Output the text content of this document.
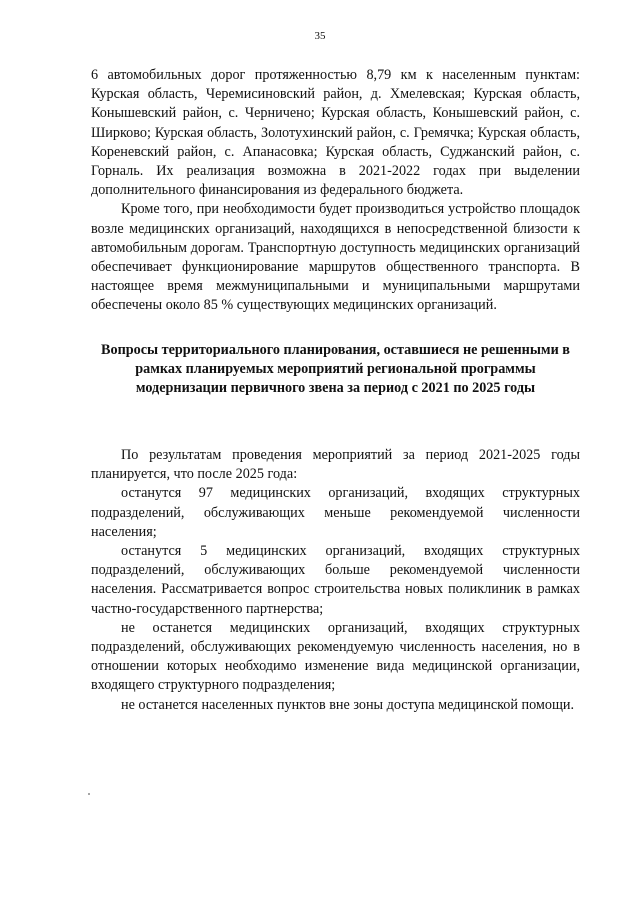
35

6 автомобильных дорог протяженностью 8,79 км к населенным пунктам: Курская область, Черемисиновский район, д. Хмелевская; Курская область, Конышевский район, с. Черничено; Курская область, Конышевский район, с. Ширково; Курская область, Золотухинский район, с. Гремячка; Курская область, Кореневский район, с. Апанасовка; Курская область, Суджанский район, с. Горналь. Их реализация возможна в 2021-2022 годах при выделении дополнительного финансирования из федерального бюджета.

Кроме того, при необходимости будет производиться устройство площадок возле медицинских организаций, находящихся в непосредственной близости к автомобильным дорогам. Транспортную доступность медицинских организаций обеспечивает функционирование маршрутов общественного транспорта. В настоящее время межмуниципальными и муниципальными маршрутами обеспечены около 85 % существующих медицинских организаций.

Вопросы территориального планирования, оставшиеся не решенными в рамках планируемых мероприятий региональной программы модернизации первичного звена за период с 2021 по 2025 годы

По результатам проведения мероприятий за период 2021-2025 годы планируется, что после 2025 года:

останутся 97 медицинских организаций, входящих структурных подразделений, обслуживающих меньше рекомендуемой численности населения;

останутся 5 медицинских организаций, входящих структурных подразделений, обслуживающих больше рекомендуемой численности населения. Рассматривается вопрос строительства новых поликлиник в рамках частно-государственного партнерства;

не останется медицинских организаций, входящих структурных подразделений, обслуживающих рекомендуемую численность населения, но в отношении которых необходимо изменение вида медицинской организации, входящего структурного подразделения;

не останется населенных пунктов вне зоны доступа медицинской помощи.
